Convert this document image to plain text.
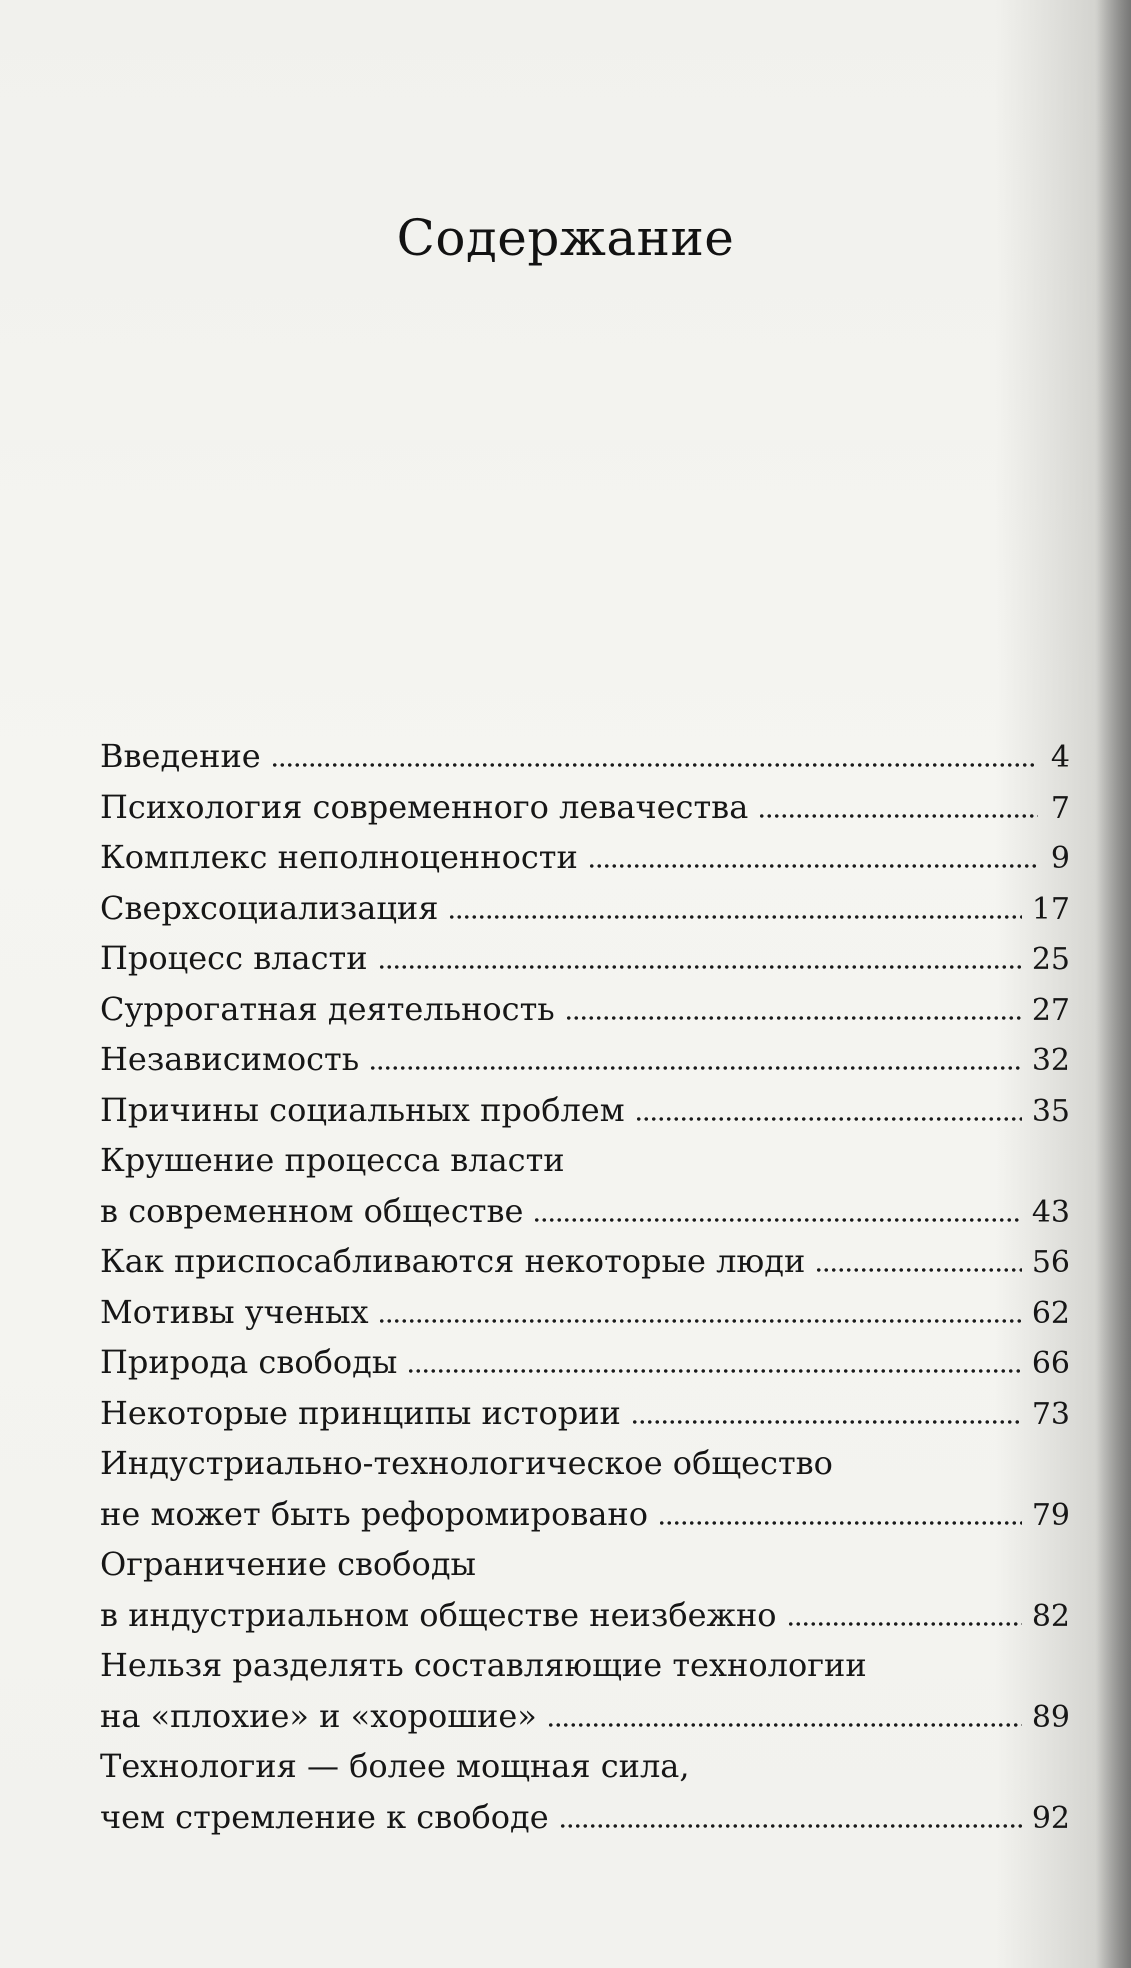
Содержание
Введение	4
Психология современного левачества	7
Комплекс неполноценности	9
Сверхсоциализация	17
Процесс власти	25
Суррогатная деятельность	27
Независимость	32
Причины социальных проблем	35
Крушение процесса власти
в современном обществе	43
Как приспосабливаются некоторые люди	56
Мотивы ученых	62
Природа свободы	66
Некоторые принципы истории	73
Индустриально-технологическое общество
не может быть рефоромировано	79
Ограничение свободы
в индустриальном обществе неизбежно	82
Нельзя разделять составляющие технологии
на «плохие» и «хорошие»	89
Технология — более мощная сила,
чем стремление к свободе	92
